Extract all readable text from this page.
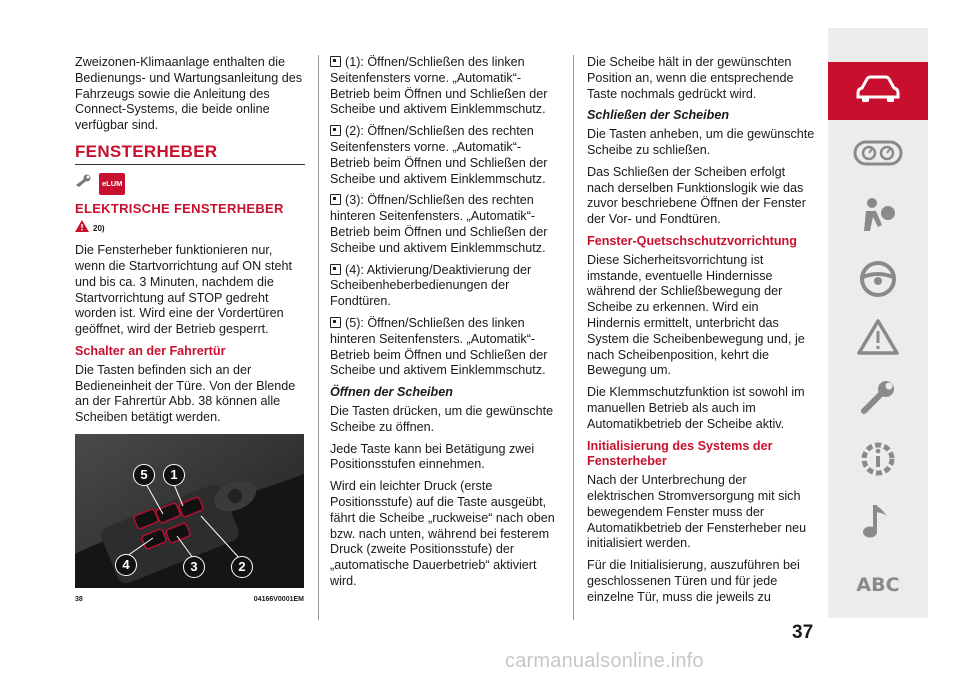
Zweizonen-Klimaanlage enthalten die Bedienungs- und Wartungsanleitung des Fahrzeugs sowie die Anleitung des Connect-Systems, die beide online verfügbar sind.

FENSTERHEBER
eLUM
ELEKTRISCHE FENSTERHEBER
20)

Die Fensterheber funktionieren nur, wenn die Startvorrichtung auf ON steht und bis ca. 3 Minuten, nachdem die Startvorrichtung auf STOP gedreht worden ist. Wird eine der Vordertüren geöffnet, wird der Betrieb gesperrt.

Schalter an der Fahrertür

Die Tasten befinden sich an der Bedieneinheit der Türe. Von der Blende an der Fahrertür Abb. 38 können alle Scheiben betätigt werden.

5	1
4	3	2
38	04166V0001EM

(1): Öffnen/Schließen des linken Seitenfensters vorne. „Automatik“-Betrieb beim Öffnen und Schließen der Scheibe und aktivem Einklemmschutz.

(2): Öffnen/Schließen des rechten Seitenfensters vorne. „Automatik“-Betrieb beim Öffnen und Schließen der Scheibe und aktivem Einklemmschutz.

(3): Öffnen/Schließen des rechten hinteren Seitenfensters. „Automatik“-Betrieb beim Öffnen und Schließen der Scheibe und aktivem Einklemmschutz.

(4): Aktivierung/Deaktivierung der Scheibenheberbedienungen der Fondtüren.

(5): Öffnen/Schließen des linken hinteren Seitenfensters. „Automatik“-Betrieb beim Öffnen und Schließen der Scheibe und aktivem Einklemmschutz.

Öffnen der Scheiben

Die Tasten drücken, um die gewünschte Scheibe zu öffnen.

Jede Taste kann bei Betätigung zwei Positionsstufen einnehmen.

Wird ein leichter Druck (erste Positionsstufe) auf die Taste ausgeübt, fährt die Scheibe „ruckweise“ nach oben bzw. nach unten, während bei festerem Druck (zweite Positionsstufe) der „automatische Dauerbetrieb“ aktiviert wird.

Die Scheibe hält in der gewünschten Position an, wenn die entsprechende Taste nochmals gedrückt wird.

Schließen der Scheiben

Die Tasten anheben, um die gewünschte Scheibe zu schließen.

Das Schließen der Scheiben erfolgt nach derselben Funktionslogik wie das zuvor beschriebene Öffnen der Fenster der Vor- und Fondtüren.

Fenster-Quetschschutzvorrichtung

Diese Sicherheitsvorrichtung ist imstande, eventuelle Hindernisse während der Schließbewegung der Scheibe zu erkennen. Wird ein Hindernis ermittelt, unterbricht das System die Scheibenbewegung und, je nach Scheibenposition, kehrt die Bewegung um.

Die Klemmschutzfunktion ist sowohl im manuellen Betrieb als auch im Automatikbetrieb der Scheibe aktiv.

Initialisierung des Systems der Fensterheber

Nach der Unterbrechung der elektrischen Stromversorgung mit sich bewegendem Fenster muss der Automatikbetrieb der Fensterheber neu initialisiert werden.

Für die Initialisierung, auszuführen bei geschlossenen Türen und für jede einzelne Tür, muss die jeweils zu

ABC
37
carmanualsonline.info
